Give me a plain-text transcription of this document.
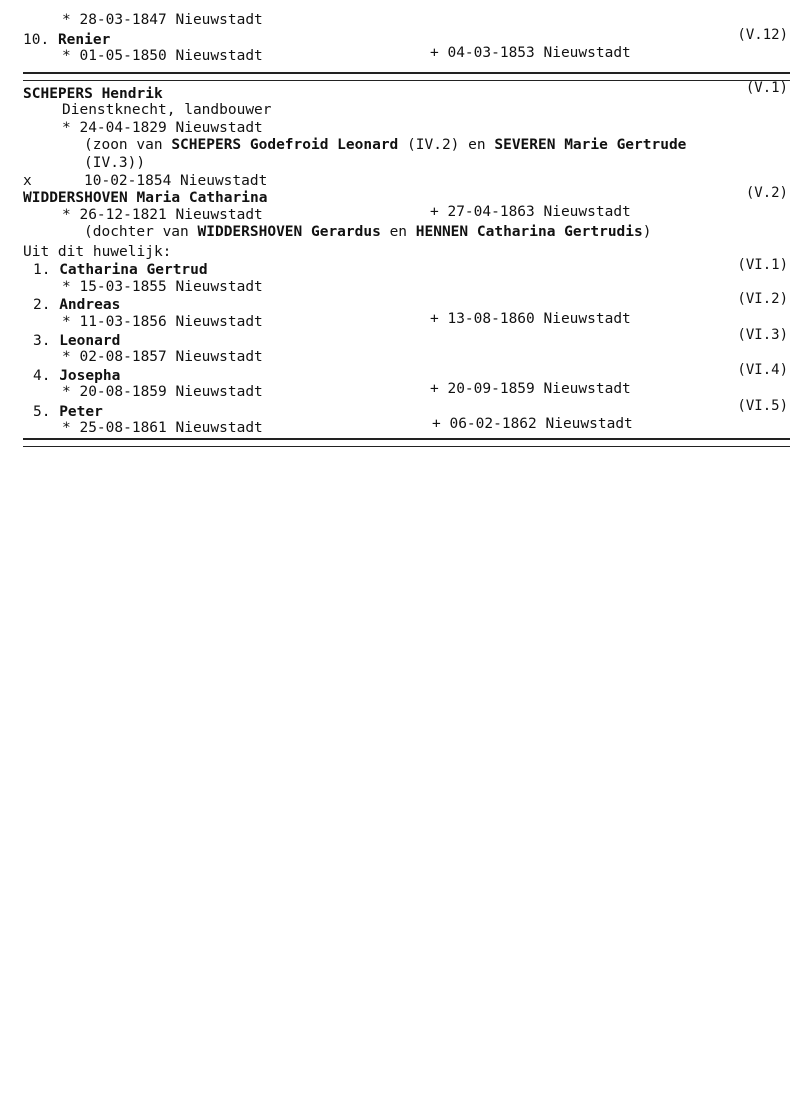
* 28-03-1847 Nieuwstadt
10. Renier	(V.12)
* 01-05-1850 Nieuwstadt	+ 04-03-1853 Nieuwstadt
SCHEPERS Hendrik	(V.1)
Dienstknecht, landbouwer
* 24-04-1829 Nieuwstadt
(zoon van SCHEPERS Godefroid Leonard (IV.2) en SEVEREN Marie Gertrude
(IV.3))
x	10-02-1854 Nieuwstadt
WIDDERSHOVEN Maria Catharina	(V.2)
* 26-12-1821 Nieuwstadt	+ 27-04-1863 Nieuwstadt
(dochter van WIDDERSHOVEN Gerardus en HENNEN Catharina Gertrudis)
Uit dit huwelijk:
1. Catharina Gertrud	(VI.1)
* 15-03-1855 Nieuwstadt
2. Andreas	(VI.2)
* 11-03-1856 Nieuwstadt	+ 13-08-1860 Nieuwstadt
3. Leonard	(VI.3)
* 02-08-1857 Nieuwstadt
4. Josepha	(VI.4)
* 20-08-1859 Nieuwstadt	+ 20-09-1859 Nieuwstadt
5. Peter	(VI.5)
* 25-08-1861 Nieuwstadt	+ 06-02-1862 Nieuwstadt
